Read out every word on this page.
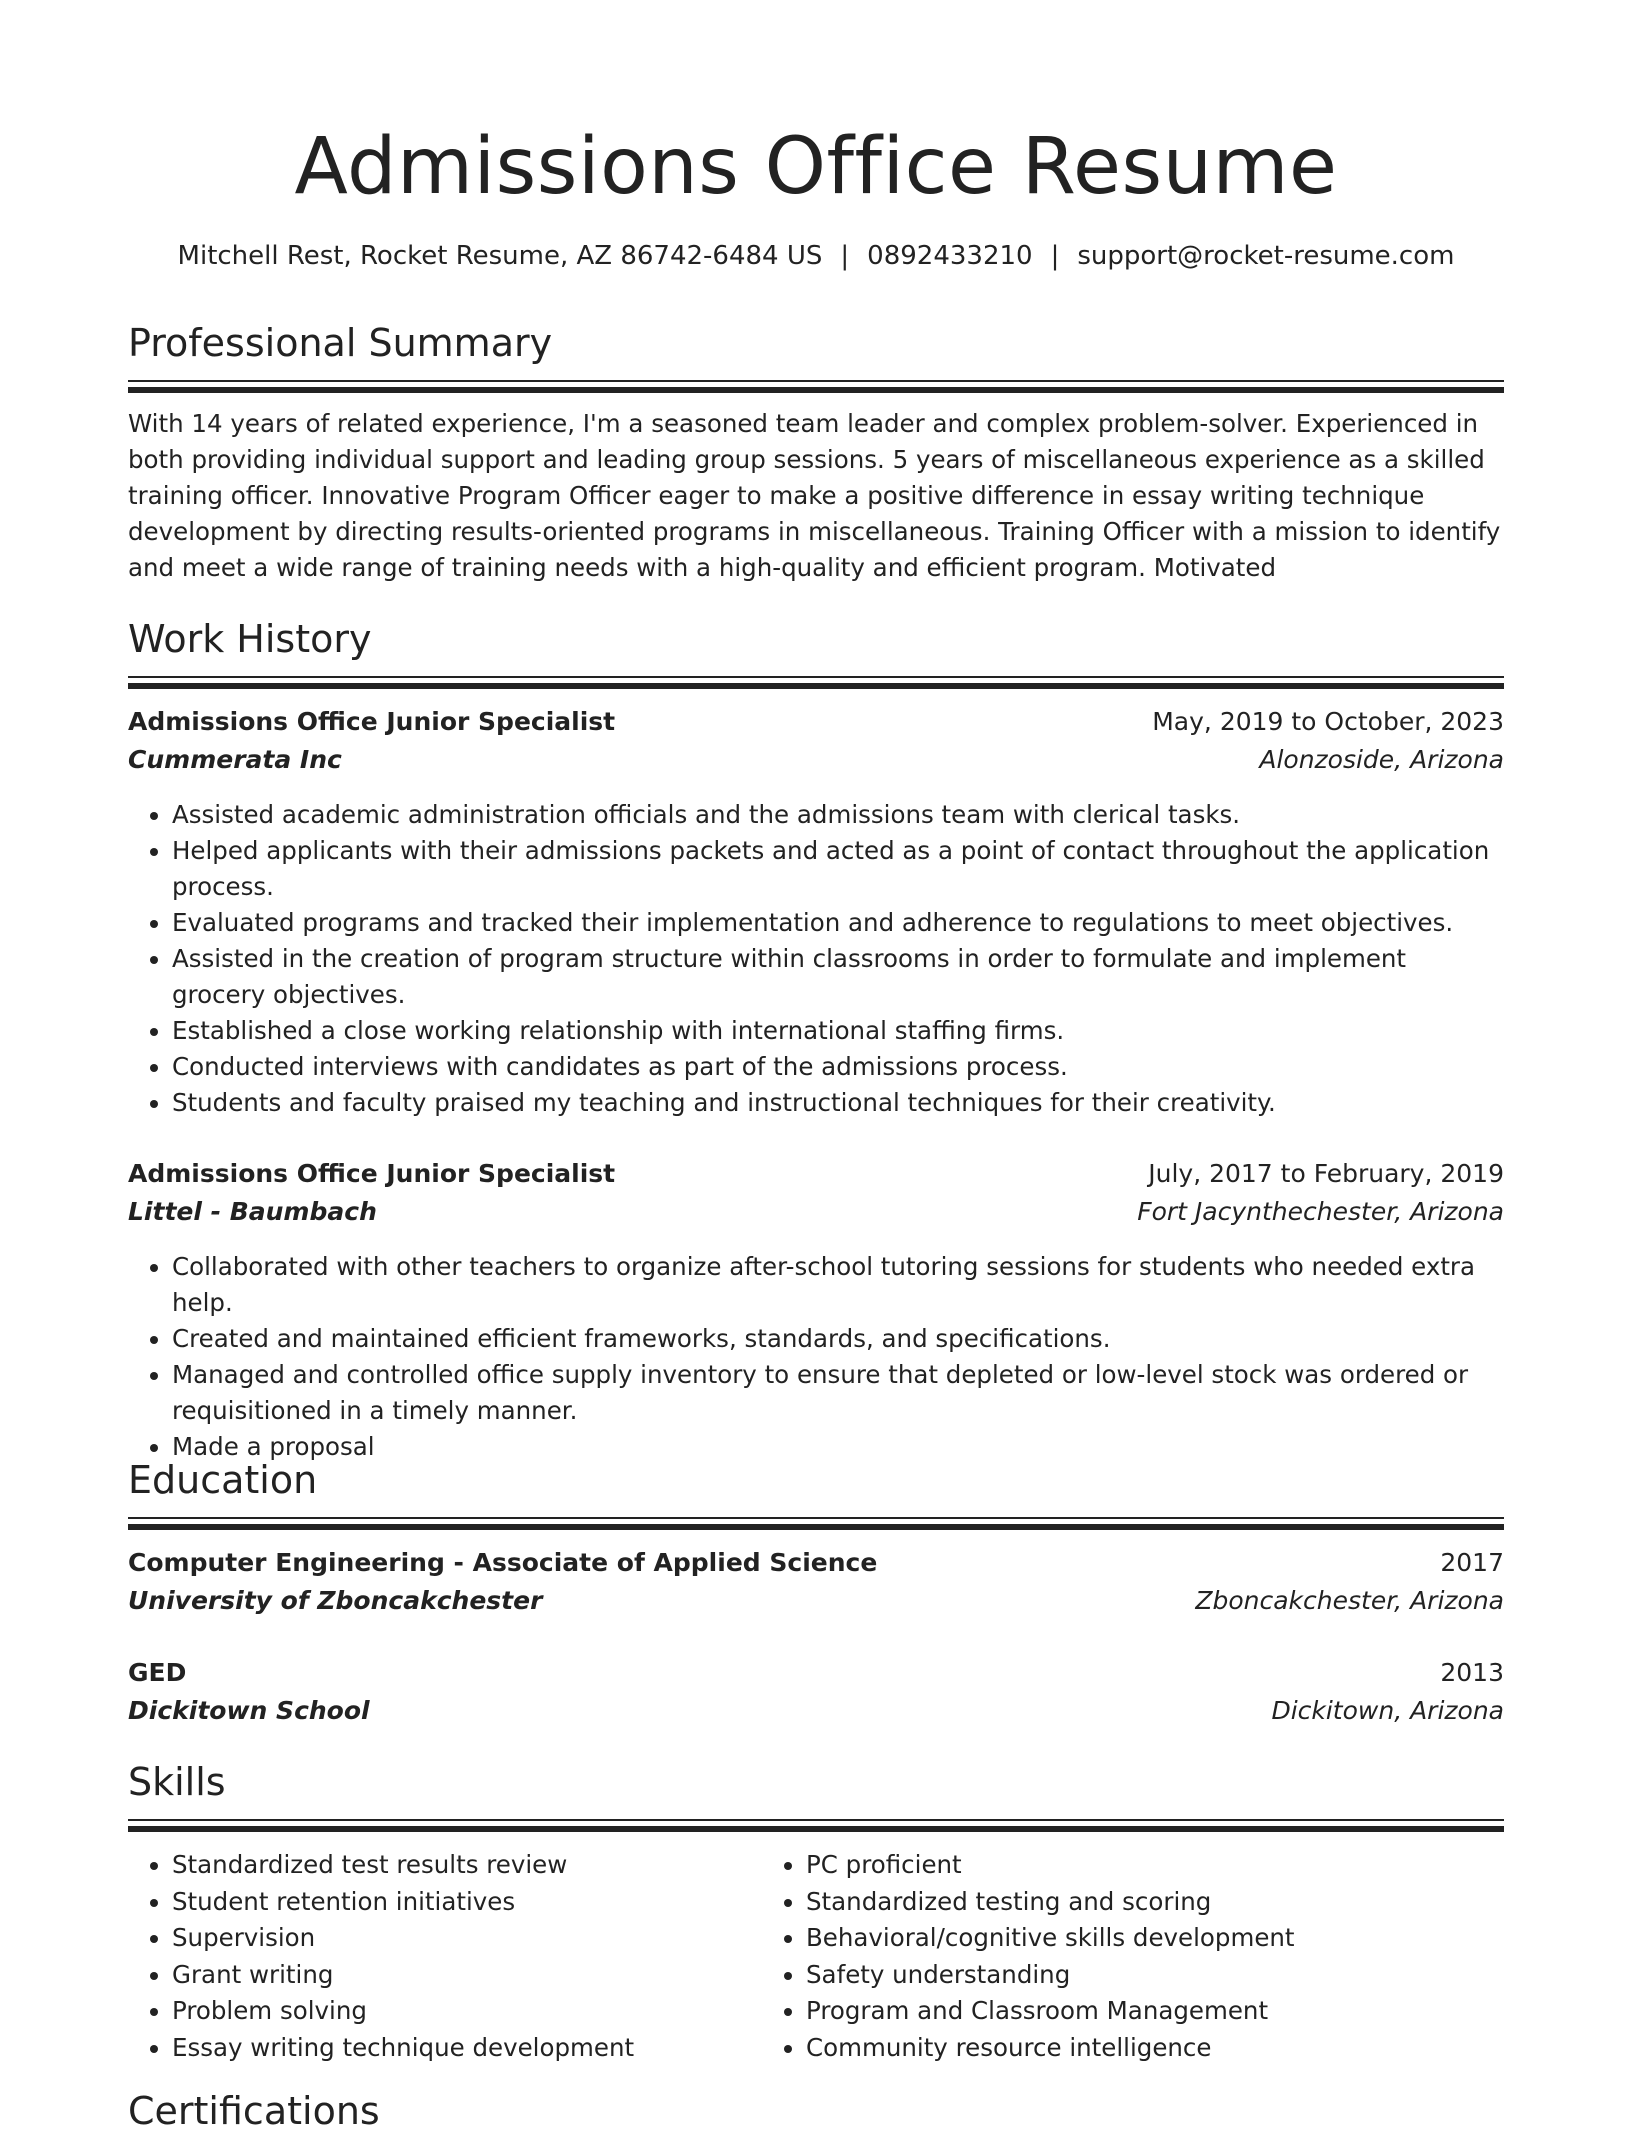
Admissions Office Resume
Mitchell Rest, Rocket Resume, AZ 86742-6484 US | 0892433210 | support@rocket-resume.com
Professional Summary

With 14 years of related experience, I'm a seasoned team leader and complex problem-solver. Experienced in both providing individual support and leading group sessions. 5 years of miscellaneous experience as a skilled training officer. Innovative Program Officer eager to make a positive difference in essay writing technique development by directing results-oriented programs in miscellaneous. Training Officer with a mission to identify and meet a wide range of training needs with a high-quality and efficient program. Motivated

Work History
Admissions Office Junior Specialist	May, 2019 to October, 2023
Cummerata Inc	Alonzoside, Arizona
• Assisted academic administration officials and the admissions team with clerical tasks.
• Helped applicants with their admissions packets and acted as a point of contact throughout the application process.
• Evaluated programs and tracked their implementation and adherence to regulations to meet objectives.
• Assisted in the creation of program structure within classrooms in order to formulate and implement grocery objectives.
• Established a close working relationship with international staffing firms.
• Conducted interviews with candidates as part of the admissions process.
• Students and faculty praised my teaching and instructional techniques for their creativity.
Admissions Office Junior Specialist	July, 2017 to February, 2019
Littel - Baumbach	Fort Jacynthechester, Arizona
• Collaborated with other teachers to organize after-school tutoring sessions for students who needed extra help.
• Created and maintained efficient frameworks, standards, and specifications.
• Managed and controlled office supply inventory to ensure that depleted or low-level stock was ordered or requisitioned in a timely manner.
• Made a proposal
Education
Computer Engineering - Associate of Applied Science	2017
University of Zboncakchester	Zboncakchester, Arizona
GED	2013
Dickitown School	Dickitown, Arizona
Skills
• Standardized test results review
• Student retention initiatives
• Supervision
• Grant writing
• Problem solving
• Essay writing technique development
• PC proficient
• Standardized testing and scoring
• Behavioral/cognitive skills development
• Safety understanding
• Program and Classroom Management
• Community resource intelligence
Certifications
